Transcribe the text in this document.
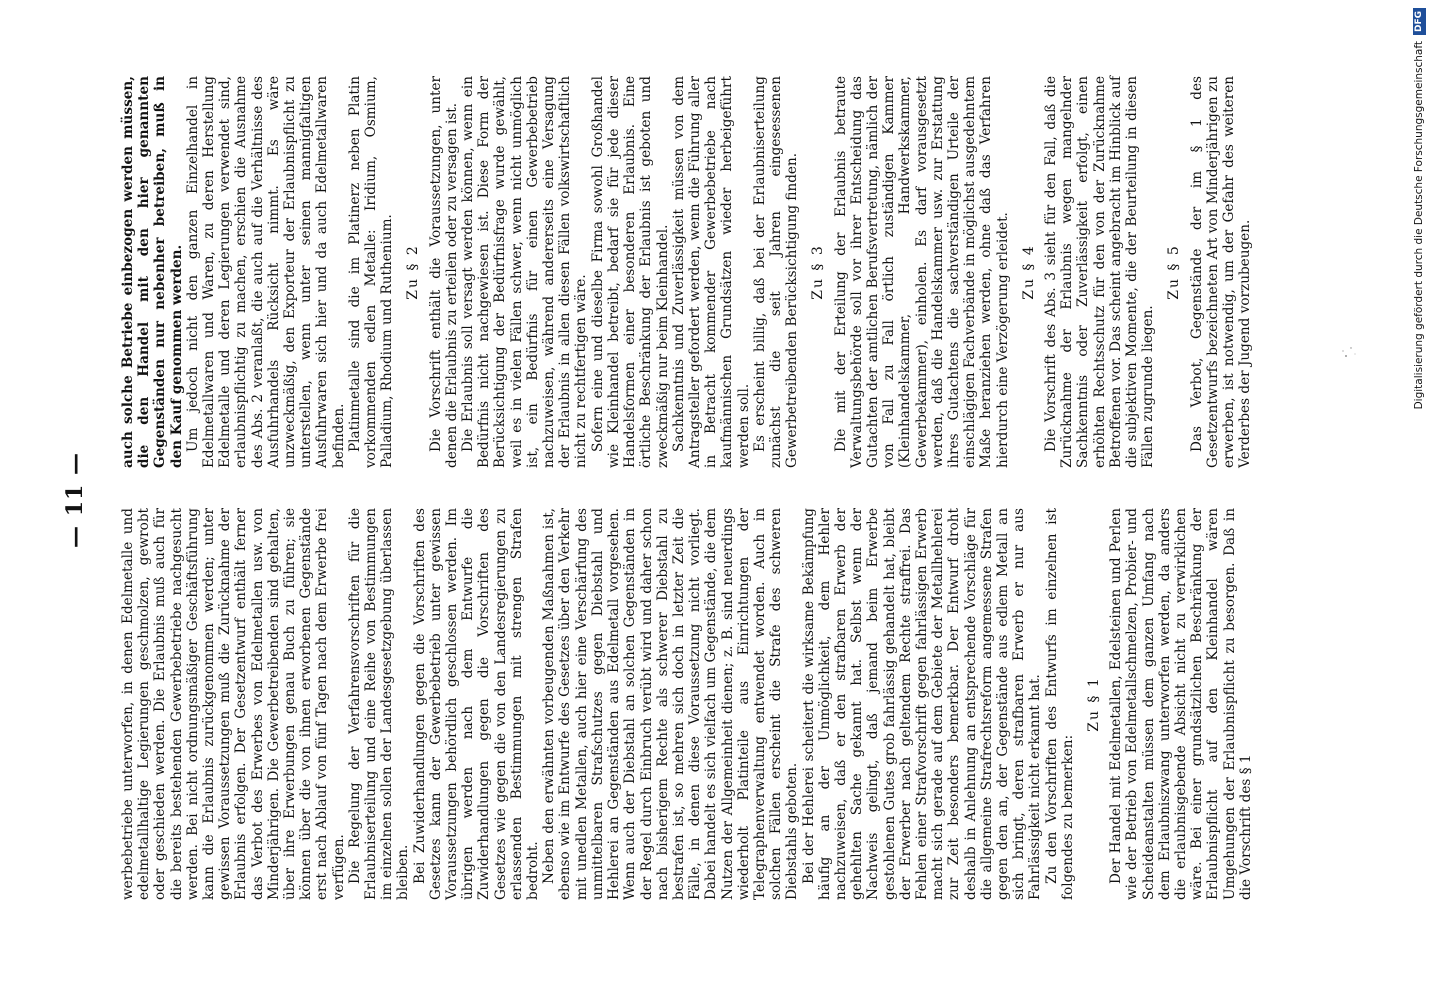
— 11 —

werbebetriebe unterworfen, in denen Edelmetalle und edelmetallhaltige Legierungen geschmolzen, gewrobt oder geschieden werden. Die Erlaubnis muß auch für die bereits bestehenden Gewerbebetriebe nachgesucht werden. Bei nicht ordnungsmäßiger Geschäftsführung kann die Erlaubnis zurückgenommen werden; unter gewissen Voraussetzungen muß die Zurücknahme der Erlaubnis erfolgen. Der Gesetzentwurf enthält ferner das Verbot des Erwerbes von Edelmetallen usw. von Minderjährigen. Die Gewerbetreibenden sind gehalten, über ihre Erwerbungen genau Buch zu führen; sie können über die von ihnen erworbenen Gegenstände erst nach Ablauf von fünf Tagen nach dem Erwerbe frei verfügen. Die Regelung der Verfahrensvorschriften für die Erlaubniserteilung und eine Reihe von Bestimmungen im einzelnen sollen der Landesgesetzgebung überlassen bleiben. Bei Zuwiderhandlungen gegen die Vorschriften des Gesetzes kann der Gewerbebetrieb unter gewissen Voraussetzungen behördlich geschlossen werden. Im übrigen werden nach dem Entwurfe die Zuwiderhandlungen gegen die Vorschriften des Gesetzes wie gegen die von den Landesregierungen zu erlassenden Bestimmungen mit strengen Strafen bedroht. Neben den erwähnten vorbeugenden Maßnahmen ist, ebenso wie im Entwurfe des Gesetzes über den Verkehr mit unedlen Metallen, auch hier eine Verschärfung des unmittelbaren Strafschutzes gegen Diebstahl und Hehlerei an Gegenständen aus Edelmetall vorgesehen. Wenn auch der Diebstahl an solchen Gegenständen in der Regel durch Einbruch verübt wird und daher schon nach bisherigem Rechte als schwerer Diebstahl zu bestrafen ist, so mehren sich doch in letzter Zeit die Fälle, in denen diese Voraussetzung nicht vorliegt. Dabei handelt es sich vielfach um Gegenstände, die dem Nutzen der Allgemeinheit dienen; z. B. sind neuerdings wiederholt Platinteile aus Einrichtungen der Telegraphenverwaltung entwendet worden. Auch in solchen Fällen erscheint die Strafe des schweren Diebstahls geboten. Bei der Hehlerei scheitert die wirksame Bekämpfung häufig an der Unmöglichkeit, dem Hehler nachzuweisen, daß er den strafbaren Erwerb der gehehlten Sache gekannt hat. Selbst wenn der Nachweis gelingt, daß jemand beim Erwerbe gestohlenen Gutes grob fahrlässig gehandelt hat, bleibt der Erwerber nach geltendem Rechte straffrei. Das Fehlen einer Strafvorschrift gegen fahrlässigen Erwerb macht sich gerade auf dem Gebiete der Metallhehlerei zur Zeit besonders bemerkbar. Der Entwurf droht deshalb in Anlehnung an entsprechende Vorschläge für die allgemeine Strafrechtsreform angemessene Strafen gegen den an, der Gegenstände aus edlem Metall an sich bringt, deren strafbaren Erwerb er nur aus Fahrlässigkeit nicht erkannt hat. Zu den Vorschriften des Entwurfs im einzelnen ist folgendes zu bemerken:

Zu § 1 Der Handel mit Edelmetallen, Edelsteinen und Perlen wie der Betrieb von Edelmetallschmelzen, Probier- und Scheideanstalten müssen dem ganzen Umfang nach dem Erlaubniszwang unterworfen werden, da anders die erlaubnisgebende Absicht nicht zu verwirklichen wäre. Bei einer grundsätzlichen Beschränkung der Erlaubnispflicht auf den Kleinhandel wären Umgehungen der Erlaubnispflicht zu besorgen. Daß in die Vorschrift des § 1

auch solche Betriebe einbezogen werden müssen, die den Handel mit den hier genannten Gegenständen nur nebenher betreiben, muß in den Kauf genommen werden. Um jedoch nicht den ganzen Einzelhandel in Edelmetallwaren und Waren, zu deren Herstellung Edelmetalle und deren Legierungen verwendet sind, erlaubnispflichtig zu machen, erschien die Ausnahme des Abs. 2 veranlaßt, die auch auf die Verhältnisse des Ausfuhrhandels Rücksicht nimmt. Es wäre unzweckmäßig, den Exporteur der Erlaubnispflicht zu unterstellen, wenn unter seinen mannigfaltigen Ausfuhrwaren sich hier und da auch Edelmetallwaren befinden. Platinmetalle sind die im Platinerz neben Platin vorkommenden edlen Metalle: Iridium, Osmium, Palladium, Rhodium und Ruthenium. Zu § 2 Die Vorschrift enthält die Voraussetzungen, unter denen die Erlaubnis zu erteilen oder zu versagen ist. Die Erlaubnis soll versagt werden können, wenn ein Bedürfnis nicht nachgewiesen ist. Diese Form der Berücksichtigung der Bedürfnisfrage wurde gewählt, weil es in vielen Fällen schwer, wenn nicht unmöglich ist, ein Bedürfnis für einen Gewerbebetrieb nachzuweisen, während andererseits eine Versagung der Erlaubnis in allen diesen Fällen volkswirtschaftlich nicht zu rechtfertigen wäre. Sofern eine und dieselbe Firma sowohl Großhandel wie Kleinhandel betreibt, bedarf sie für jede dieser Handelsformen einer besonderen Erlaubnis. Eine örtliche Beschränkung der Erlaubnis ist geboten und zweckmäßig nur beim Kleinhandel. Sachkenntnis und Zuverlässigkeit müssen von dem Antragsteller gefordert werden, wenn die Führung aller in Betracht kommender Gewerbebetriebe nach kaufmännischen Grundsätzen wieder herbeigeführt werden soll. Es erscheint billig, daß bei der Erlaubniserteilung zunächst die seit Jahren eingesessenen Gewerbetreibenden Berücksichtigung finden. Zu § 3 Die mit der Erteilung der Erlaubnis betraute Verwaltungsbehörde soll vor ihrer Entscheidung das Gutachten der amtlichen Berufsvertretung, nämlich der von Fall zu Fall örtlich zuständigen Kammer (Kleinhandelskammer, Handwerkskammer, Gewerbekammer), einholen. Es darf vorausgesetzt werden, daß die Handelskammer usw. zur Erstattung ihres Gutachtens die sachverständigen Urteile der einschlägigen Fachverbände in möglichst ausgedehntem Maße heranziehen werden, ohne daß das Verfahren hierdurch eine Verzögerung erleidet. Zu § 4 Die Vorschrift des Abs. 3 sieht für den Fall, daß die Zurücknahme der Erlaubnis wegen mangelnder Sachkenntnis oder Zuverlässigkeit erfolgt, einen erhöhten Rechtsschutz für den von der Zurücknahme Betroffenen vor. Das scheint angebracht im Hinblick auf die subjektiven Momente, die der Beurteilung in diesen Fällen zugrunde liegen.

Zu § 5 Das Verbot, Gegenstände der im § 1 des Gesetzentwurfs bezeichneten Art von Minderjährigen zu erwerben, ist notwendig, um der Gefahr des weiteren Verderbes der Jugend vorzubeugen.	Digitalisierung gefördert durch die Deutsche Forschungsgemeinschaft
DFG
